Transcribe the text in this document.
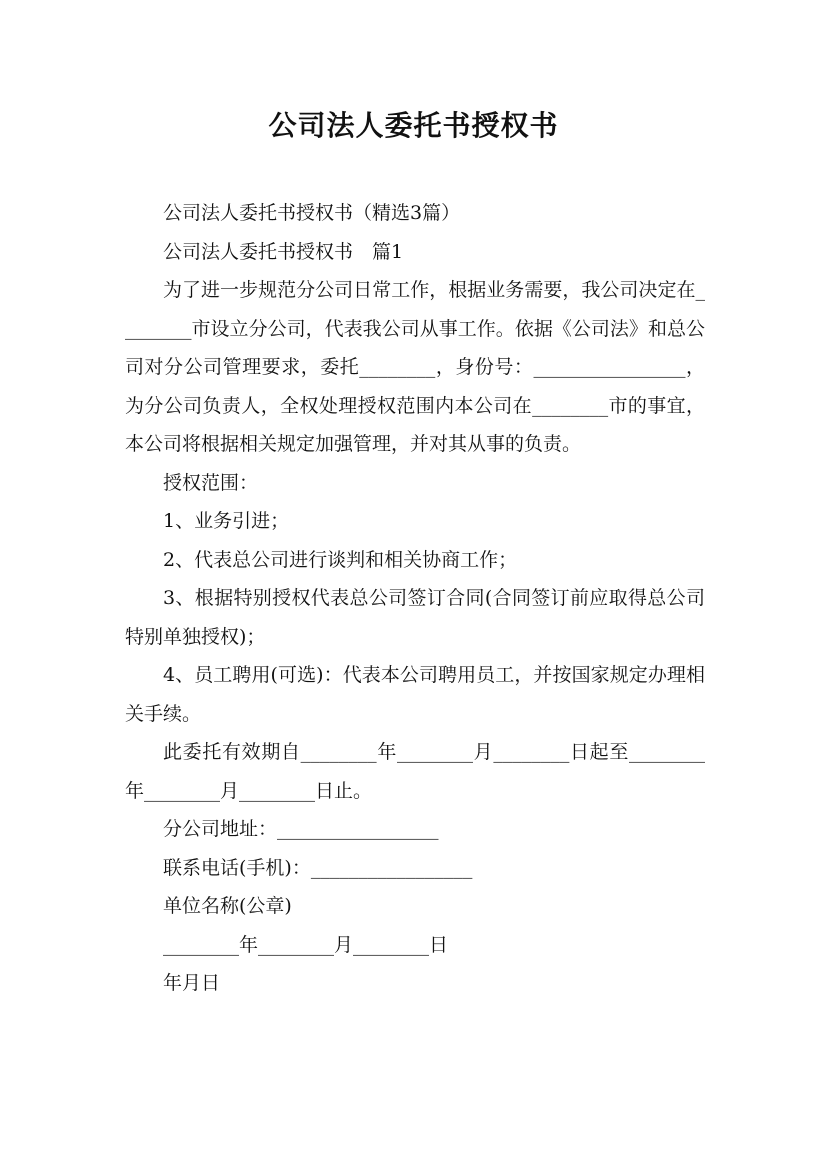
公司法人委托书授权书

公司法人委托书授权书（精选3篇）

公司法人委托书授权书　篇1

为了进一步规范分公司日常工作，根据业务需要，我公司决定在________市设立分公司，代表我公司从事工作。依据《公司法》和总公司对分公司管理要求，委托________，身份号：________________，为分公司负责人，全权处理授权范围内本公司在________市的事宜，本公司将根据相关规定加强管理，并对其从事的负责。

授权范围：

1、业务引进；

2、代表总公司进行谈判和相关协商工作；

3、根据特别授权代表总公司签订合同(合同签订前应取得总公司特别单独授权)；

4、员工聘用(可选)：代表本公司聘用员工，并按国家规定办理相关手续。

此委托有效期自________年________月________日起至________年________月________日止。

分公司地址：_________________

联系电话(手机)：_________________

单位名称(公章)

________年________月________日

年月日
